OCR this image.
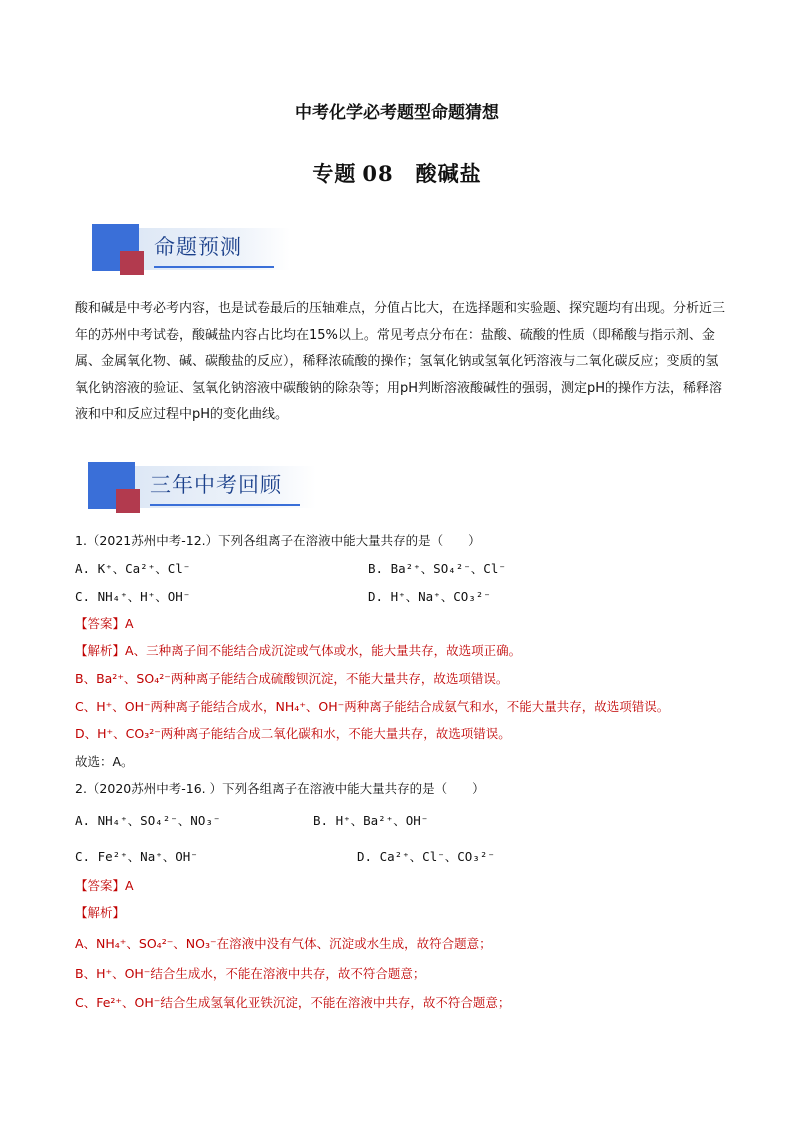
中考化学必考题型命题猜想
专题 08 酸碱盐
命题预测
酸和碱是中考必考内容，也是试卷最后的压轴难点，分值占比大，在选择题和实验题、探究题均有出现。分析近三年的苏州中考试卷，酸碱盐内容占比均在15%以上。常见考点分布在：盐酸、硫酸的性质（即稀酸与指示剂、金属、金属氧化物、碱、碳酸盐的反应），稀释浓硫酸的操作；氢氧化钠或氢氧化钙溶液与二氧化碳反应；变质的氢氧化钠溶液的验证、氢氧化钠溶液中碳酸钠的除杂等；用pH判断溶液酸碱性的强弱，测定pH的操作方法，稀释溶液和中和反应过程中pH的变化曲线。
三年中考回顾
1.（2021苏州中考-12.）下列各组离子在溶液中能大量共存的是（　　）
A. K⁺、Ca²⁺、Cl⁻	B. Ba²⁺、SO₄²⁻、Cl⁻
C. NH₄⁺、H⁺、OH⁻	D. H⁺、Na⁺、CO₃²⁻
【答案】A
【解析】A、三种离子间不能结合成沉淀或气体或水，能大量共存，故选项正确。
B、Ba²⁺、SO₄²⁻两种离子能结合成硫酸钡沉淀，不能大量共存，故选项错误。
C、H⁺、OH⁻两种离子能结合成水，NH₄⁺、OH⁻两种离子能结合成氨气和水，不能大量共存，故选项错误。
D、H⁺、CO₃²⁻两种离子能结合成二氧化碳和水，不能大量共存，故选项错误。
故选：A。
2.（2020苏州中考-16. ）下列各组离子在溶液中能大量共存的是（　　）
A. NH₄⁺、SO₄²⁻、NO₃⁻	B. H⁺、Ba²⁺、OH⁻
C. Fe²⁺、Na⁺、OH⁻	D. Ca²⁺、Cl⁻、CO₃²⁻
【答案】A
【解析】
A、NH₄⁺、SO₄²⁻、NO₃⁻在溶液中没有气体、沉淀或水生成，故符合题意；
B、H⁺、OH⁻结合生成水，不能在溶液中共存，故不符合题意；
C、Fe²⁺、OH⁻结合生成氢氧化亚铁沉淀，不能在溶液中共存，故不符合题意；
